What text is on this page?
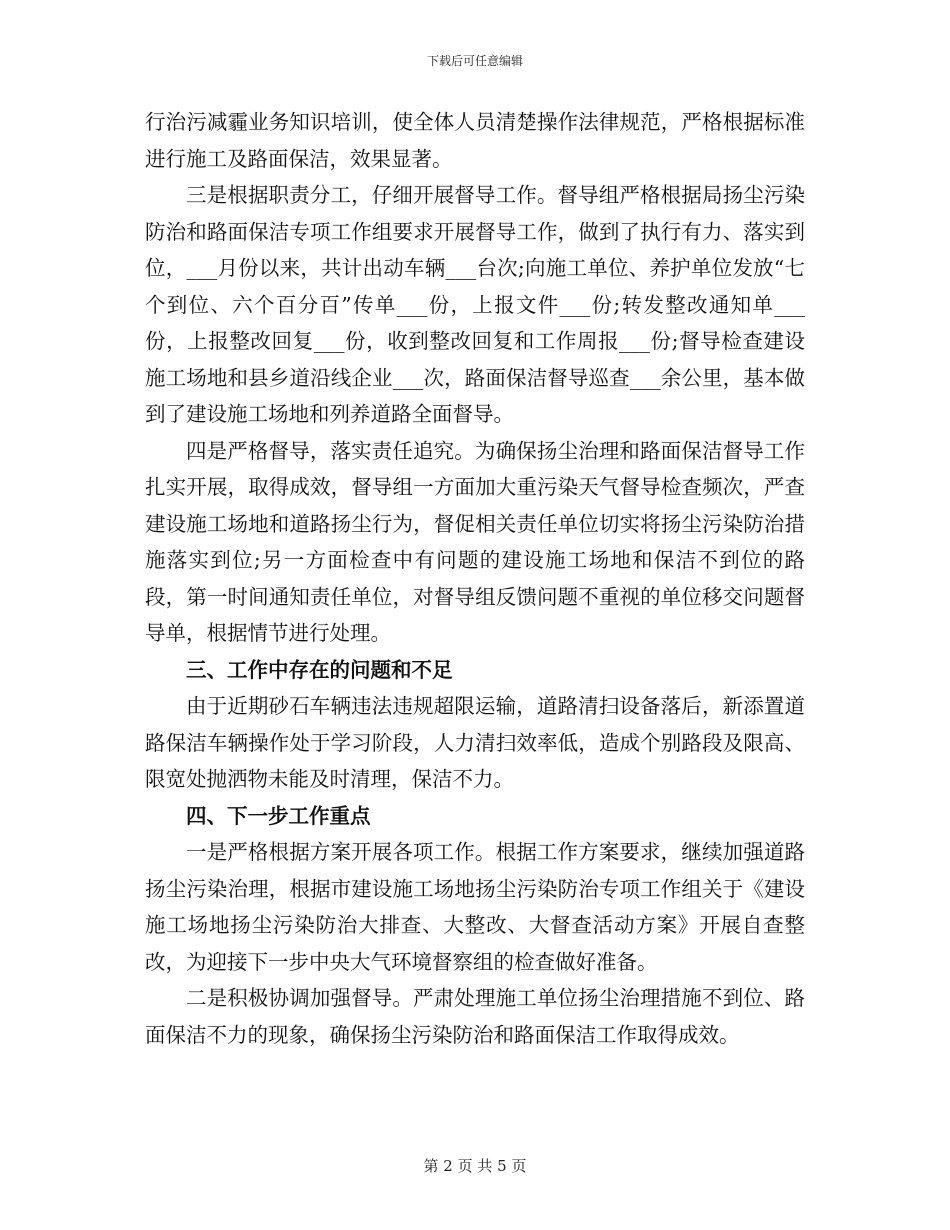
下载后可任意编辑

行治污减霾业务知识培训，使全体人员清楚操作法律规范，严格根据标准进行施工及路面保洁，效果显著。

三是根据职责分工，仔细开展督导工作。督导组严格根据局扬尘污染防治和路面保洁专项工作组要求开展督导工作，做到了执行有力、落实到位，___月份以来，共计出动车辆___台次;向施工单位、养护单位发放“七个到位、六个百分百”传单___份，上报文件___份;转发整改通知单___份，上报整改回复___份，收到整改回复和工作周报___份;督导检查建设施工场地和县乡道沿线企业___次，路面保洁督导巡查___余公里，基本做到了建设施工场地和列养道路全面督导。

四是严格督导，落实责任追究。为确保扬尘治理和路面保洁督导工作扎实开展，取得成效，督导组一方面加大重污染天气督导检查频次，严查建设施工场地和道路扬尘行为，督促相关责任单位切实将扬尘污染防治措施落实到位;另一方面检查中有问题的建设施工场地和保洁不到位的路段，第一时间通知责任单位，对督导组反馈问题不重视的单位移交问题督导单，根据情节进行处理。

三、工作中存在的问题和不足

由于近期砂石车辆违法违规超限运输，道路清扫设备落后，新添置道路保洁车辆操作处于学习阶段，人力清扫效率低，造成个别路段及限高、限宽处抛洒物未能及时清理，保洁不力。

四、下一步工作重点

一是严格根据方案开展各项工作。根据工作方案要求，继续加强道路扬尘污染治理，根据市建设施工场地扬尘污染防治专项工作组关于《建设施工场地扬尘污染防治大排查、大整改、大督查活动方案》开展自查整改，为迎接下一步中央大气环境督察组的检查做好准备。

二是积极协调加强督导。严肃处理施工单位扬尘治理措施不到位、路面保洁不力的现象，确保扬尘污染防治和路面保洁工作取得成效。

第 2 页 共 5 页
